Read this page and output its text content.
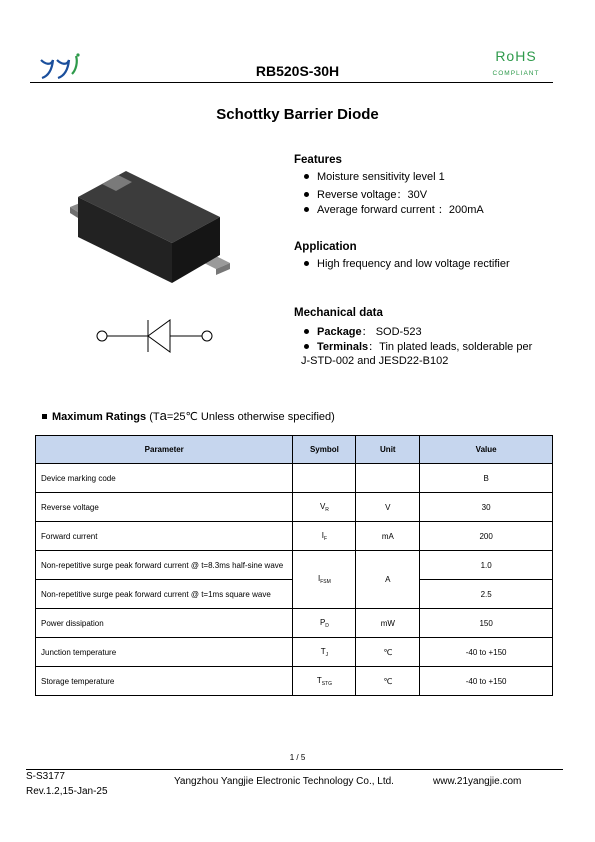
RB520S-30H
RoHS
COMPLIANT
Schottky Barrier Diode
Features
Moisture sensitivity level 1
Reverse voltage：30V
Average forward current ：200mA
Application
High frequency and low voltage rectifier
Mechanical data
Package： SOD-523
Terminals：Tin plated leads, solderable per
J-STD-002 and JESD22-B102
Maximum Ratings (Ta=25℃ Unless otherwise specified)
Parameter	Symbol	Unit	Value
Device marking code			B
Reverse voltage	$V_R$	V	30
Forward current	$I_F$	mA	200
Non-repetitive surge peak forward current @ t=8.3ms half-sine wave	$I_{FSM}$	A	1.0
Non-repetitive surge peak forward current @ t=1ms square wave			2.5
Power dissipation	$P_D$	mW	150
Junction temperature	$T_J$	℃	-40 to +150
Storage temperature	$T_{STG}$	℃	-40 to +150
1 / 5
S-S3177
Rev.1.2,15-Jan-25
Yangzhou Yangjie Electronic Technology Co., Ltd.	www.21yangjie.com
